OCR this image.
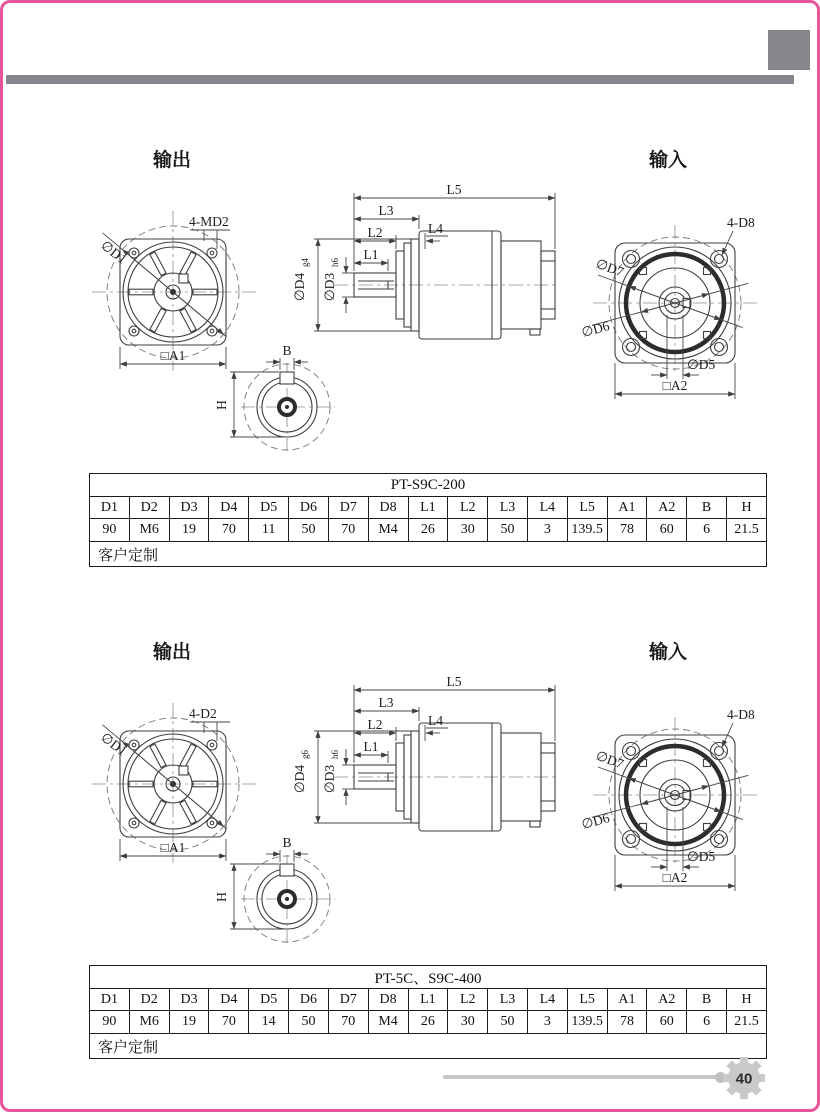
输出	输入
∅D1
4-MD2
□A1
L5
L3
L2	L4
L1
∅D4
g4
∅D3
h6	∅D7
∅D6
4-D8
∅D5
□A2
B
H
PT-S9C-200																
D1	D2	D3	D4	D5	D6	D7	D8	L1	L2	L3	L4	L5	A1	A2	B	H
90	M6	19	70	11	50	70	M4	26	30	50	3	139.5	78	60	6	21.5
客户定制																
输出	输入
∅D1
4-D2
□A1
L5
L3
L2	L4
L1
∅D4
g6
∅D3
h6	∅D7
∅D6
4-D8
∅D5
□A2
B
H
PT-5C、S9C-400																
D1	D2	D3	D4	D5	D6	D7	D8	L1	L2	L3	L4	L5	A1	A2	B	H
90	M6	19	70	14	50	70	M4	26	30	50	3	139.5	78	60	6	21.5
客户定制																
40
